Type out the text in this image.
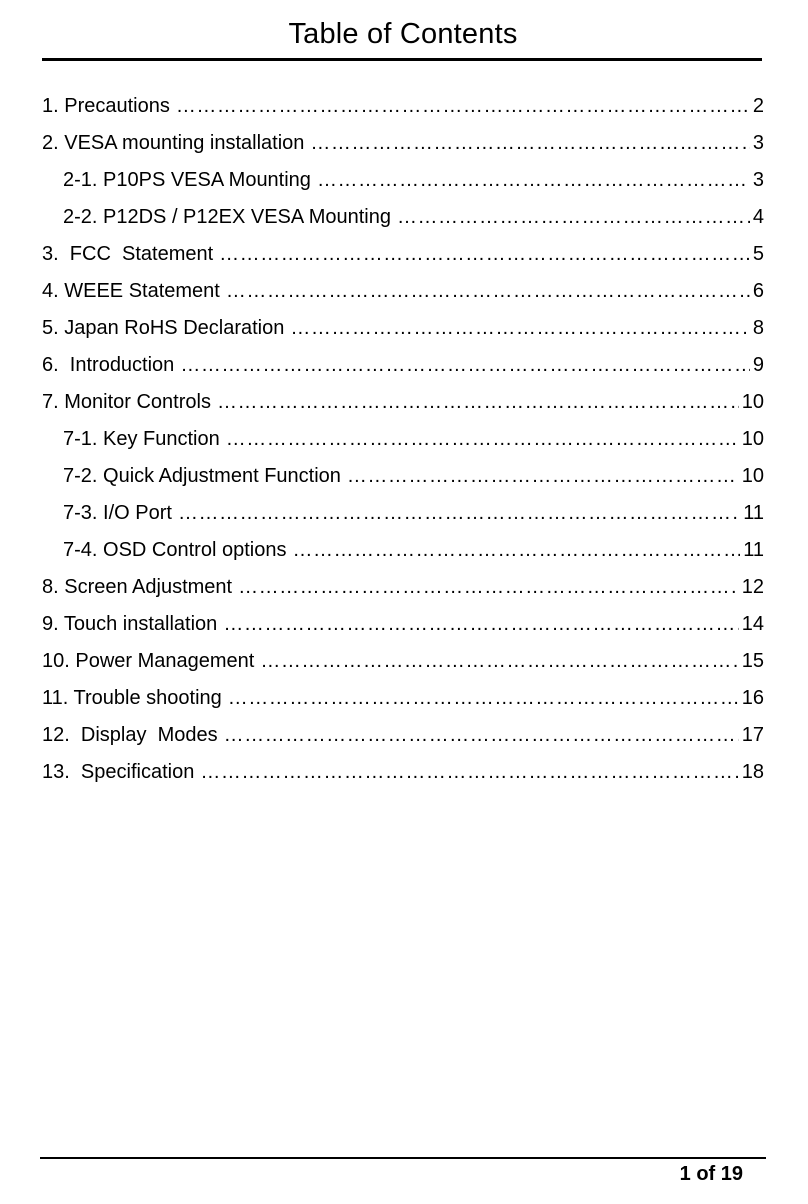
Table of Contents
1. Precautions ……………………………………………………………………………………………………………………………………………………………………………………	2
2. VESA mounting installation ……………………………………………………………………………………………………………………………………………………………………………………	3
2-1. P10PS VESA Mounting ……………………………………………………………………………………………………………………………………………………………………………………	3
2-2. P12DS / P12EX VESA Mounting ……………………………………………………………………………………………………………………………………………………………………………………	4
3.  FCC  Statement ……………………………………………………………………………………………………………………………………………………………………………………	5
4. WEEE Statement ……………………………………………………………………………………………………………………………………………………………………………………	6
5. Japan RoHS Declaration ……………………………………………………………………………………………………………………………………………………………………………………	8
6.  Introduction ……………………………………………………………………………………………………………………………………………………………………………………	9
7. Monitor Controls ……………………………………………………………………………………………………………………………………………………………………………………	10
7-1. Key Function ……………………………………………………………………………………………………………………………………………………………………………………	10
7-2. Quick Adjustment Function ……………………………………………………………………………………………………………………………………………………………………………………	10
7-3. I/O Port ……………………………………………………………………………………………………………………………………………………………………………………	11
7-4. OSD Control options ……………………………………………………………………………………………………………………………………………………………………………………	11
8. Screen Adjustment ……………………………………………………………………………………………………………………………………………………………………………………	12
9. Touch installation ……………………………………………………………………………………………………………………………………………………………………………………	14
10. Power Management ……………………………………………………………………………………………………………………………………………………………………………………	15
11. Trouble shooting ……………………………………………………………………………………………………………………………………………………………………………………	16
12.  Display  Modes ……………………………………………………………………………………………………………………………………………………………………………………	17
13.  Specification ……………………………………………………………………………………………………………………………………………………………………………………	18
1 of 19
